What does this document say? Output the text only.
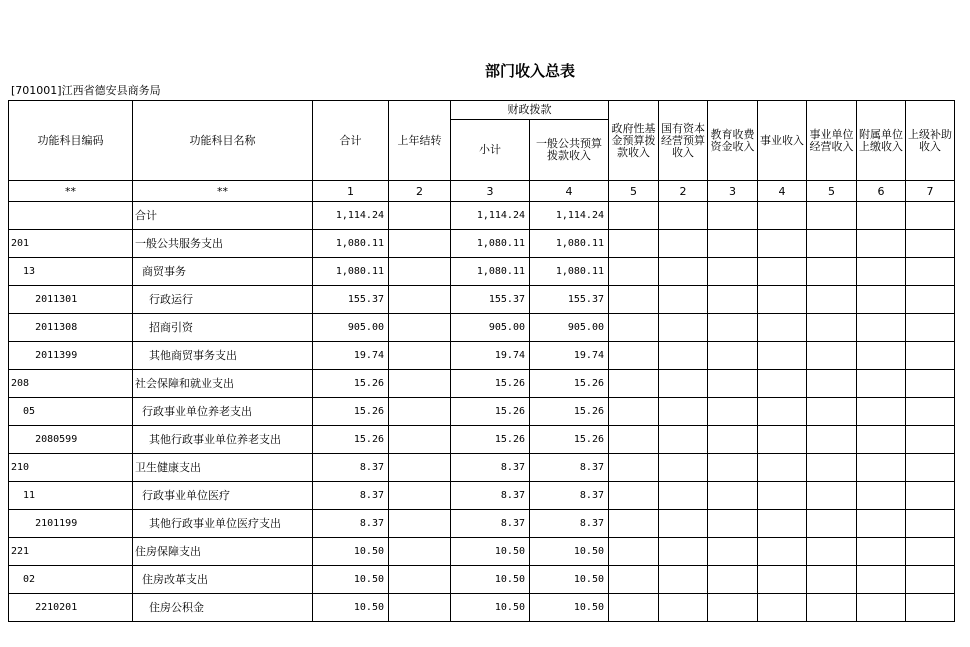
部门收入总表
[701001]江西省德安县商务局
功能科目编码	功能科目名称	合计	上年结转	财政拨款		政府性基金预算拨款收入	国有资本经营预算收入	教育收费资金收入	事业收入	事业单位经营收入	附属单位上缴收入	上级补助收入
				小计	一般公共预算拨款收入							
**	**	1	2	3	4	5	2	3	4	5	6	7
	合计	1,114.24		1,114.24	1,114.24							
201	一般公共服务支出	1,080.11		1,080.11	1,080.11							
13	商贸事务	1,080.11		1,080.11	1,080.11							
2011301	行政运行	155.37		155.37	155.37							
2011308	招商引资	905.00		905.00	905.00							
2011399	其他商贸事务支出	19.74		19.74	19.74							
208	社会保障和就业支出	15.26		15.26	15.26							
05	行政事业单位养老支出	15.26		15.26	15.26							
2080599	其他行政事业单位养老支出	15.26		15.26	15.26							
210	卫生健康支出	8.37		8.37	8.37							
11	行政事业单位医疗	8.37		8.37	8.37							
2101199	其他行政事业单位医疗支出	8.37		8.37	8.37							
221	住房保障支出	10.50		10.50	10.50							
02	住房改革支出	10.50		10.50	10.50							
2210201	住房公积金	10.50		10.50	10.50							
